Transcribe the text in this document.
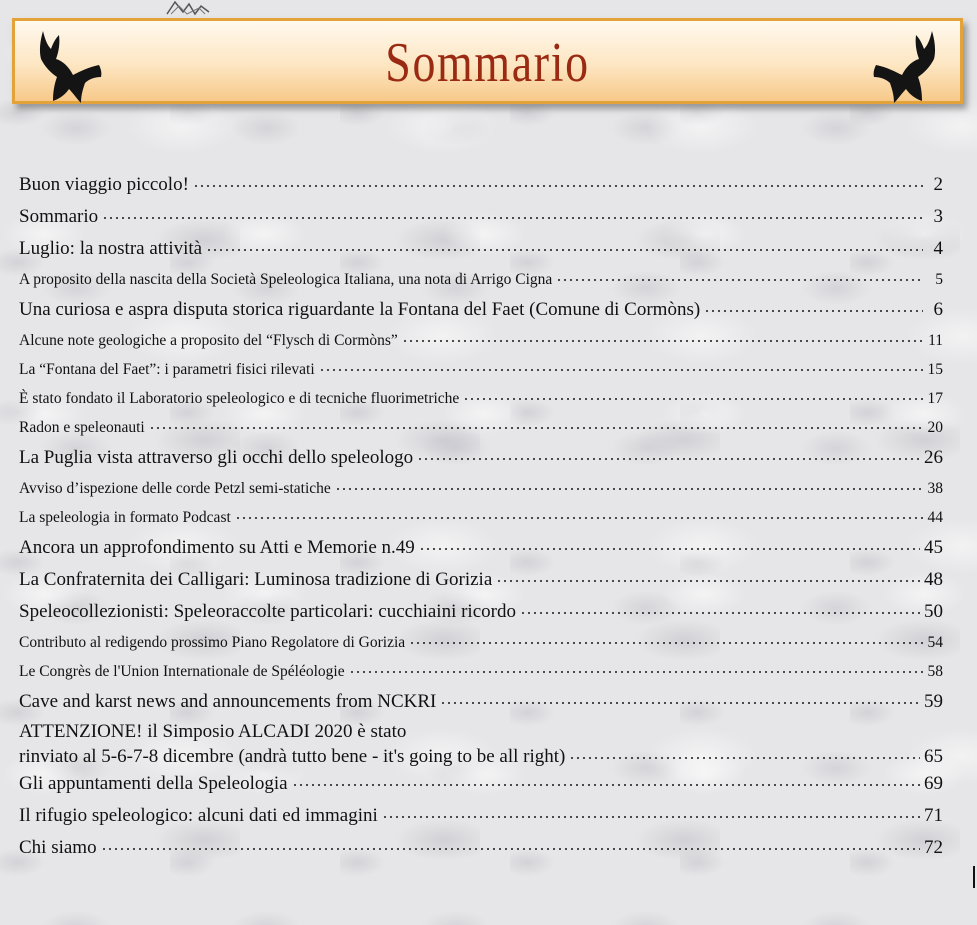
Sommario
Buon viaggio piccolo!	2
Sommario	3
Luglio: la nostra attività	4
A proposito della nascita della Società Speleologica Italiana, una nota di Arrigo Cigna	5
Una curiosa e aspra disputa storica riguardante la Fontana del Faet (Comune di Cormòns)	6
Alcune note geologiche a proposito del “Flysch di Cormòns”	11
La “Fontana del Faet”: i parametri fisici rilevati	15
È stato fondato il Laboratorio speleologico e di tecniche fluorimetriche	17
Radon e speleonauti	20
La Puglia vista attraverso gli occhi dello speleologo	26
Avviso d’ispezione delle corde Petzl semi-statiche	38
La speleologia in formato Podcast	44
Ancora un approfondimento su Atti e Memorie n.49	45
La Confraternita dei Calligari: Luminosa tradizione di Gorizia	48
Speleocollezionisti: Speleoraccolte particolari: cucchiaini ricordo	50
Contributo al redigendo prossimo Piano Regolatore di Gorizia	54
Le Congrès de l'Union Internationale de Spéléologie	58
Cave and karst news and announcements from NCKRI	59
ATTENZIONE! il Simposio ALCADI 2020 è stato
rinviato al 5-6-7-8 dicembre (andrà tutto bene - it's going to be all right)	65
Gli appuntamenti della Speleologia	69
Il rifugio speleologico: alcuni dati ed immagini	71
Chi siamo	72
